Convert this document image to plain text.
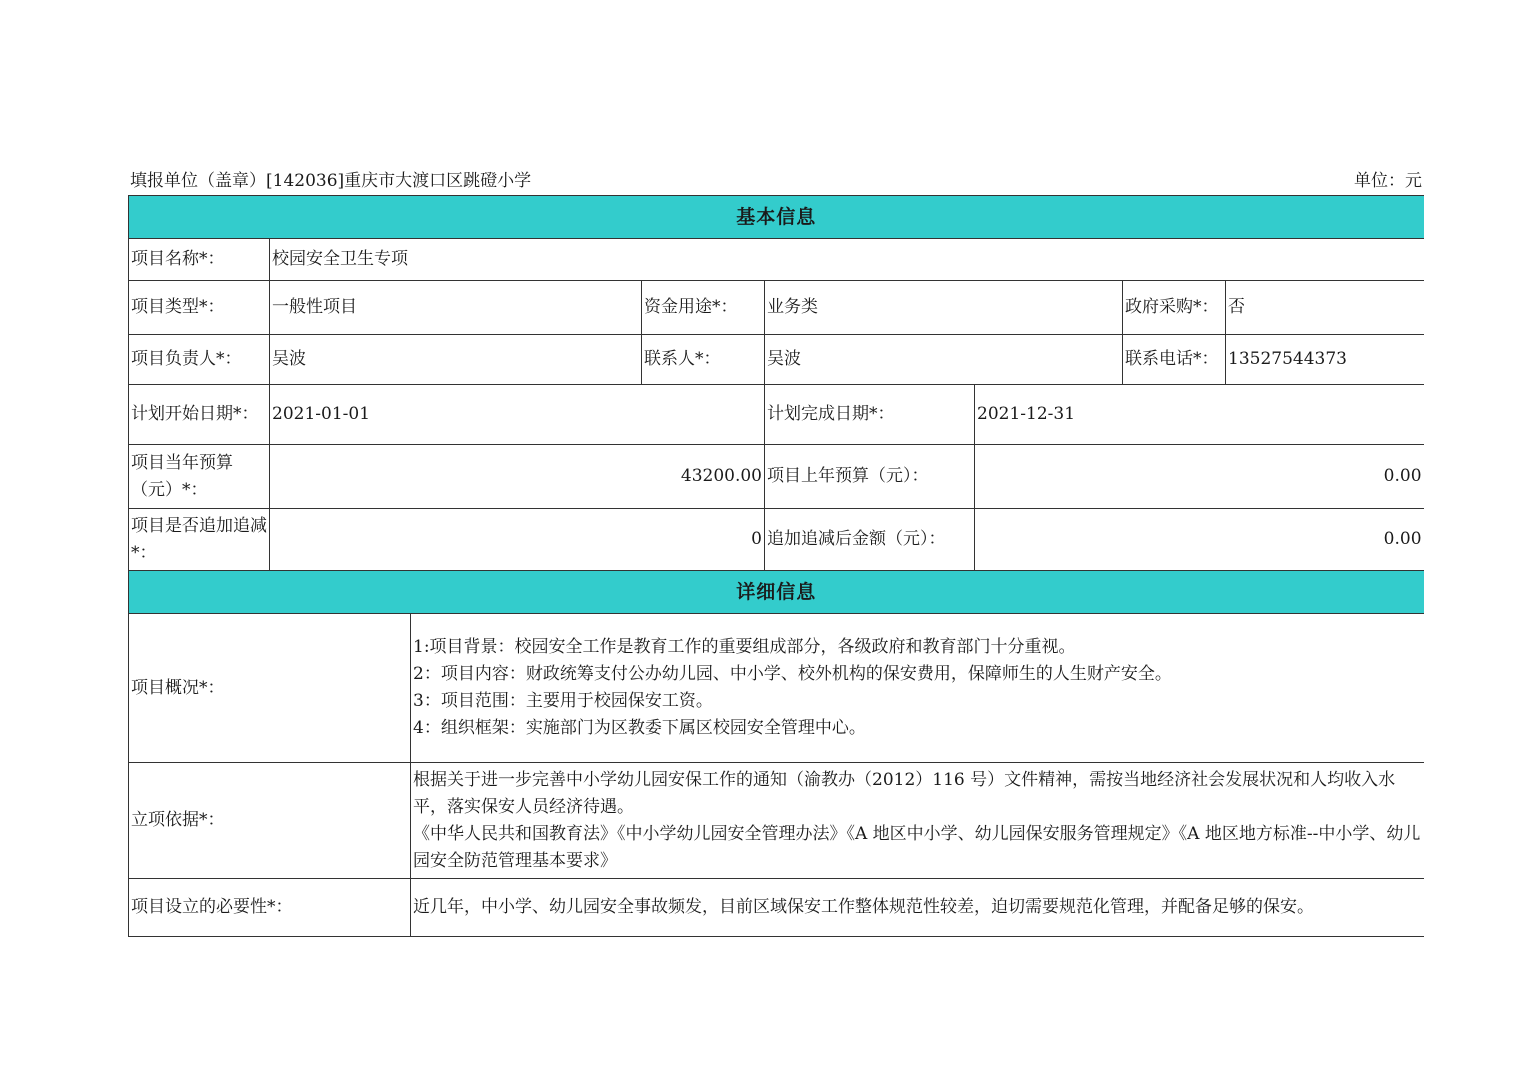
填报单位（盖章）[142036]重庆市大渡口区跳磴小学	单位：元
基本信息							
项目名称*：	校园安全卫生专项						
项目类型*：	一般性项目		资金用途*：	业务类		政府采购*：	否
项目负责人*：	吴波		联系人*：	吴波		联系电话*：	13527544373
计划开始日期*：	2021-01-01			计划完成日期*：	2021-12-31		
项目当年预算（元）*：	43200.00			项目上年预算（元）：	0.00		
项目是否追加追减*：	0			追加追减后金额（元）：	0.00		
详细信息							
项目概况*：		1:项目背景：校园安全工作是教育工作的重要组成部分，各级政府和教育部门十分重视。
2：项目内容：财政统筹支付公办幼儿园、中小学、校外机构的保安费用，保障师生的人生财产安全。
3：项目范围：主要用于校园保安工资。
4：组织框架：实施部门为区教委下属区校园安全管理中心。					

立项依据*：		根据关于进一步完善中小学幼儿园安保工作的通知（渝教办（2012）116 号）文件精神，需按当地经济社会发展状况和人均收入水平，落实保安人员经济待遇。
《中华人民共和国教育法》《中小学幼儿园安全管理办法》《A 地区中小学、幼儿园保安服务管理规定》《A 地区地方标准--中小学、幼儿园安全防范管理基本要求》					

项目设立的必要性*：		近几年，中小学、幼儿园安全事故频发，目前区域保安工作整体规范性较差，迫切需要规范化管理，并配备足够的保安。					
